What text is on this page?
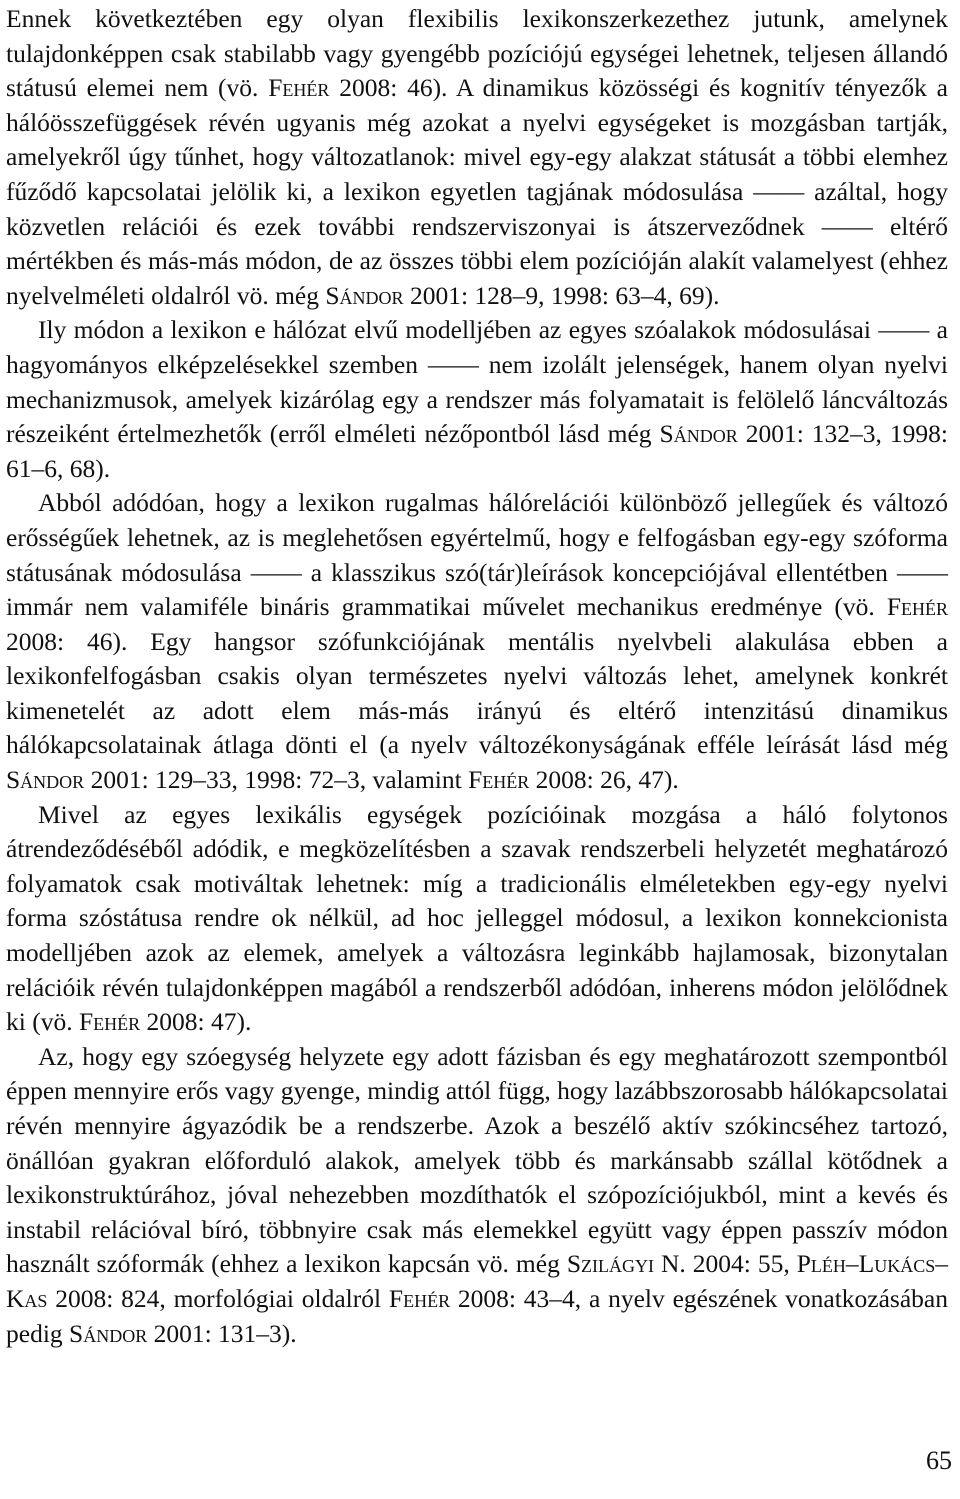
Ennek következtében egy olyan flexibilis lexikonszerkezethez jutunk, amelynek tulajdonképpen csak stabilabb vagy gyengébb pozíciójú egységei lehetnek, teljesen állandó státusú elemei nem (vö. Fehér 2008: 46). A dinamikus közösségi és kognitív tényezők a hálóösszefüggések révén ugyanis még azokat a nyelvi egységeket is mozgásban tartják, amelyekről úgy tűnhet, hogy változatlanok: mivel egy-egy alakzat státusát a többi elemhez fűződő kapcsolatai jelölik ki, a lexikon egyetlen tagjának módosulása —— azáltal, hogy közvetlen relációi és ezek további rendszerviszonyai is átszerveződnek —— eltérő mértékben és más-más módon, de az összes többi elem pozícióján alakít valamelyest (ehhez nyelvelméleti oldalról vö. még Sándor 2001: 128–9, 1998: 63–4, 69).

Ily módon a lexikon e hálózat elvű modelljében az egyes szóalakok módosulásai —— a hagyományos elképzelésekkel szemben —— nem izolált jelenségek, hanem olyan nyelvi mechanizmusok, amelyek kizárólag egy a rendszer más folyamatait is felölelő láncváltozás részeiként értelmezhetők (erről elméleti nézőpontból lásd még Sándor 2001: 132–3, 1998: 61–6, 68).

Abból adódóan, hogy a lexikon rugalmas hálórelációi különböző jellegűek és változó erősségűek lehetnek, az is meglehetősen egyértelmű, hogy e felfogásban egy-egy szóforma státusának módosulása —— a klasszikus szó(tár)leírások koncepciójával ellentétben —— immár nem valamiféle bináris grammatikai művelet mechanikus eredménye (vö. Fehér 2008: 46). Egy hangsor szófunkciójának mentális nyelvbeli alakulása ebben a lexikonfelfogásban csakis olyan természetes nyelvi változás lehet, amelynek konkrét kimenetelét az adott elem más-más irányú és eltérő intenzitású dinamikus hálókapcsolatainak átlaga dönti el (a nyelv változékonyságának efféle leírását lásd még Sándor 2001: 129–33, 1998: 72–3, valamint Fehér 2008: 26, 47).

Mivel az egyes lexikális egységek pozícióinak mozgása a háló folytonos átrendeződéséből adódik, e megközelítésben a szavak rendszerbeli helyzetét meghatározó folyamatok csak motiváltak lehetnek: míg a tradicionális elméletekben egy-egy nyelvi forma szóstátusa rendre ok nélkül, ad hoc jelleggel módosul, a lexikon konnekcionista modelljében azok az elemek, amelyek a változásra leginkább hajlamosak, bizonytalan relációik révén tulajdonképpen magából a rendszerből adódóan, inherens módon jelölődnek ki (vö. Fehér 2008: 47).

Az, hogy egy szóegység helyzete egy adott fázisban és egy meghatározott szempontból éppen mennyire erős vagy gyenge, mindig attól függ, hogy lazábbszorosabb hálókapcsolatai révén mennyire ágyazódik be a rendszerbe. Azok a beszélő aktív szókincséhez tartozó, önállóan gyakran előforduló alakok, amelyek több és markánsabb szállal kötődnek a lexikonstruktúrához, jóval nehezebben mozdíthatók el szópozíciójukból, mint a kevés és instabil relációval bíró, többnyire csak más elemekkel együtt vagy éppen passzív módon használt szóformák (ehhez a lexikon kapcsán vö. még Szilágyi N. 2004: 55, Pléh–Lukács–Kas 2008: 824, morfológiai oldalról Fehér 2008: 43–4, a nyelv egészének vonatkozásában pedig Sándor 2001: 131–3).

65
